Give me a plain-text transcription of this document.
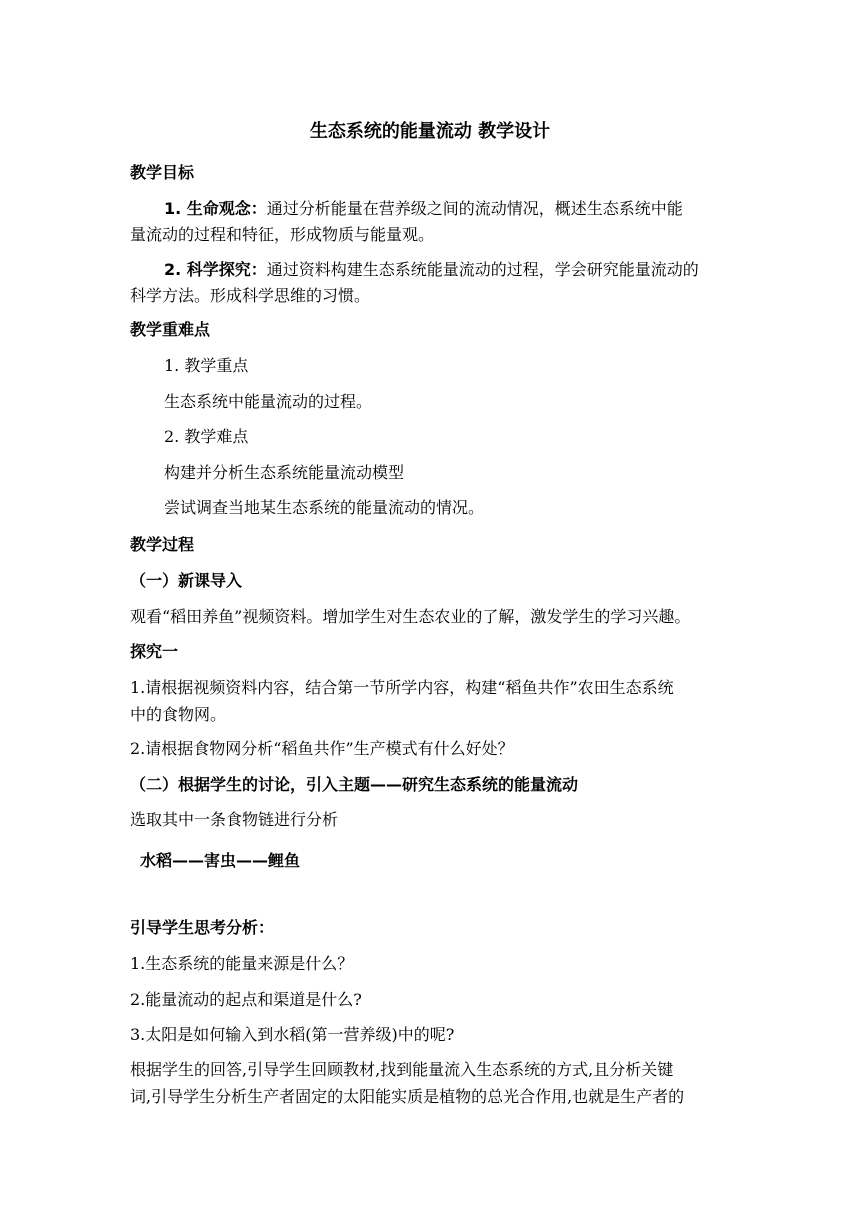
生态系统的能量流动 教学设计
教学目标
1. 生命观念：通过分析能量在营养级之间的流动情况，概述生态系统中能
量流动的过程和特征，形成物质与能量观。
2. 科学探究：通过资料构建生态系统能量流动的过程，学会研究能量流动的
科学方法。形成科学思维的习惯。
教学重难点
1. 教学重点
生态系统中能量流动的过程。
2. 教学难点
构建并分析生态系统能量流动模型
尝试调查当地某生态系统的能量流动的情况。
教学过程
（一）新课导入
观看“稻田养鱼”视频资料。增加学生对生态农业的了解，激发学生的学习兴趣。
探究一
1.请根据视频资料内容，结合第一节所学内容，构建“稻鱼共作”农田生态系统
中的食物网。
2.请根据食物网分析“稻鱼共作”生产模式有什么好处？
（二）根据学生的讨论，引入主题——研究生态系统的能量流动
选取其中一条食物链进行分析
水稻——害虫——鲤鱼
引导学生思考分析：
1.生态系统的能量来源是什么？
2.能量流动的起点和渠道是什么?
3.太阳是如何输入到水稻(第一营养级)中的呢?
根据学生的回答,引导学生回顾教材,找到能量流入生态系统的方式,且分析关键
词,引导学生分析生产者固定的太阳能实质是植物的总光合作用,也就是生产者的
